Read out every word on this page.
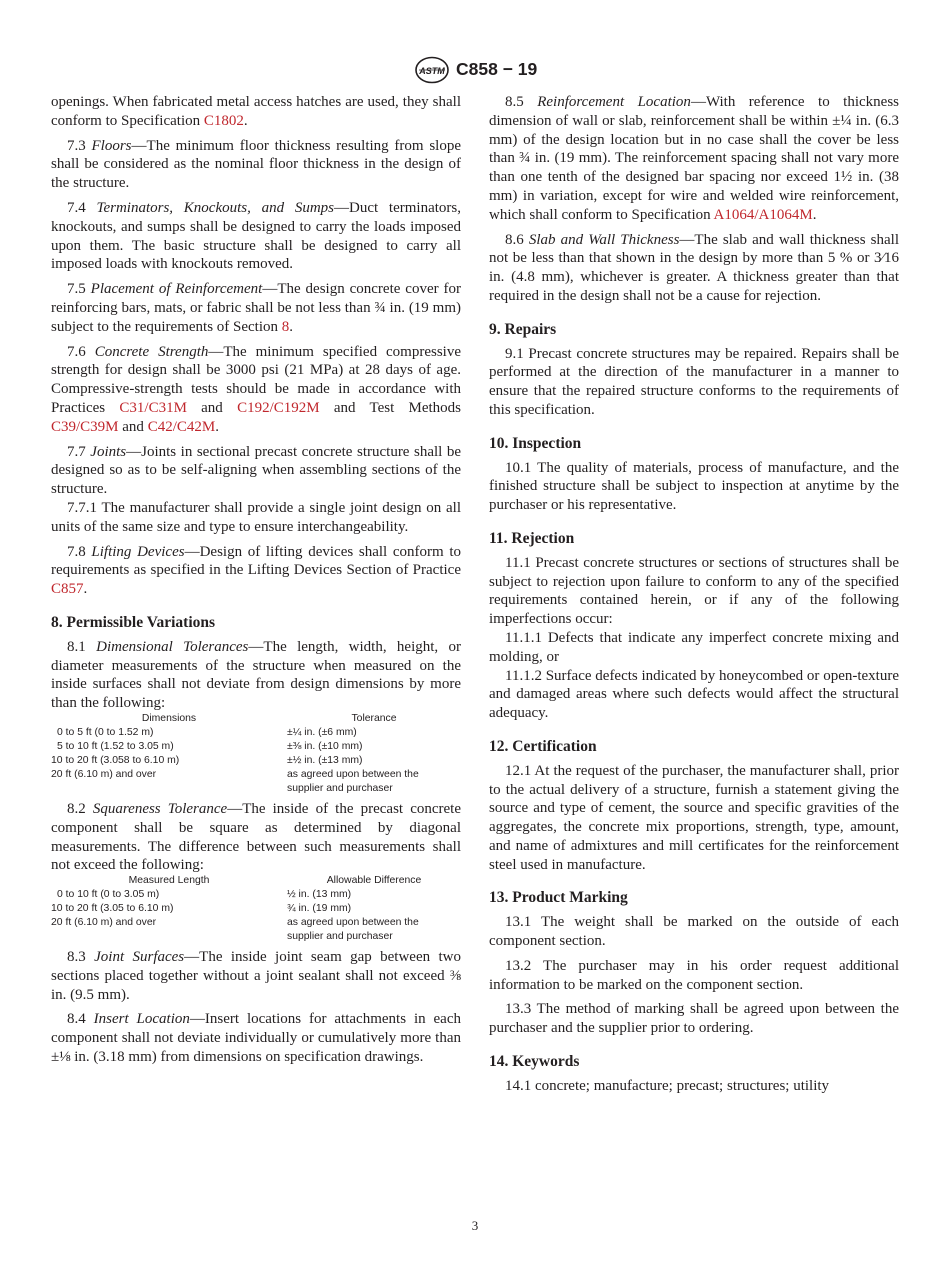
ASTM C858 − 19

openings. When fabricated metal access hatches are used, they shall conform to Specification C1802.

7.3 Floors—The minimum floor thickness resulting from slope shall be considered as the nominal floor thickness in the design of the structure.

7.4 Terminators, Knockouts, and Sumps—Duct terminators, knockouts, and sumps shall be designed to carry the loads imposed upon them. The basic structure shall be designed to carry all imposed loads with knockouts removed.

7.5 Placement of Reinforcement—The design concrete cover for reinforcing bars, mats, or fabric shall be not less than ¾ in. (19 mm) subject to the requirements of Section 8.

7.6 Concrete Strength—The minimum specified compressive strength for design shall be 3000 psi (21 MPa) at 28 days of age. Compressive-strength tests should be made in accordance with Practices C31/C31M and C192/C192M and Test Methods C39/C39M and C42/C42M.

7.7 Joints—Joints in sectional precast concrete structure shall be designed so as to be self-aligning when assembling sections of the structure.

7.7.1 The manufacturer shall provide a single joint design on all units of the same size and type to ensure interchangeability.

7.8 Lifting Devices—Design of lifting devices shall conform to requirements as specified in the Lifting Devices Section of Practice C857.

8. Permissible Variations

8.1 Dimensional Tolerances—The length, width, height, or diameter measurements of the structure when measured on the inside surfaces shall not deviate from design dimensions by more than the following:

Dimensions	Tolerance
0 to 5 ft (0 to 1.52 m)	±¼ in. (±6 mm)
5 to 10 ft (1.52 to 3.05 m)	±⅜ in. (±10 mm)
10 to 20 ft (3.058 to 6.10 m)	±½ in. (±13 mm)
20 ft (6.10 m) and over	as agreed upon between the
	supplier and purchaser

8.2 Squareness Tolerance—The inside of the precast concrete component shall be square as determined by diagonal measurements. The difference between such measurements shall not exceed the following:

Measured Length	Allowable Difference
0 to 10 ft (0 to 3.05 m)	½ in. (13 mm)
10 to 20 ft (3.05 to 6.10 m)	¾ in. (19 mm)
20 ft (6.10 m) and over	as agreed upon between the
	supplier and purchaser

8.3 Joint Surfaces—The inside joint seam gap between two sections placed together without a joint sealant shall not exceed ⅜ in. (9.5 mm).

8.4 Insert Location—Insert locations for attachments in each component shall not deviate individually or cumulatively more than ±⅛ in. (3.18 mm) from dimensions on specification drawings.

8.5 Reinforcement Location—With reference to thickness dimension of wall or slab, reinforcement shall be within ±¼ in. (6.3 mm) of the design location but in no case shall the cover be less than ¾ in. (19 mm). The reinforcement spacing shall not vary more than one tenth of the designed bar spacing nor exceed 1½ in. (38 mm) in variation, except for wire and welded wire reinforcement, which shall conform to Specification A1064/A1064M.

8.6 Slab and Wall Thickness—The slab and wall thickness shall not be less than that shown in the design by more than 5 % or 3⁄16 in. (4.8 mm), whichever is greater. A thickness greater than that required in the design shall not be a cause for rejection.

9. Repairs

9.1 Precast concrete structures may be repaired. Repairs shall be performed at the direction of the manufacturer in a manner to ensure that the repaired structure conforms to the requirements of this specification.

10. Inspection

10.1 The quality of materials, process of manufacture, and the finished structure shall be subject to inspection at anytime by the purchaser or his representative.

11. Rejection

11.1 Precast concrete structures or sections of structures shall be subject to rejection upon failure to conform to any of the specified requirements contained herein, or if any of the following imperfections occur:

11.1.1 Defects that indicate any imperfect concrete mixing and molding, or

11.1.2 Surface defects indicated by honeycombed or open-texture and damaged areas where such defects would affect the structural adequacy.

12. Certification

12.1 At the request of the purchaser, the manufacturer shall, prior to the actual delivery of a structure, furnish a statement giving the source and type of cement, the source and specific gravities of the aggregates, the concrete mix proportions, strength, type, amount, and name of admixtures and mill certificates for the reinforcement steel used in manufacture.

13. Product Marking

13.1 The weight shall be marked on the outside of each component section.

13.2 The purchaser may in his order request additional information to be marked on the component section.

13.3 The method of marking shall be agreed upon between the purchaser and the supplier prior to ordering.

14. Keywords

14.1 concrete; manufacture; precast; structures; utility

3
